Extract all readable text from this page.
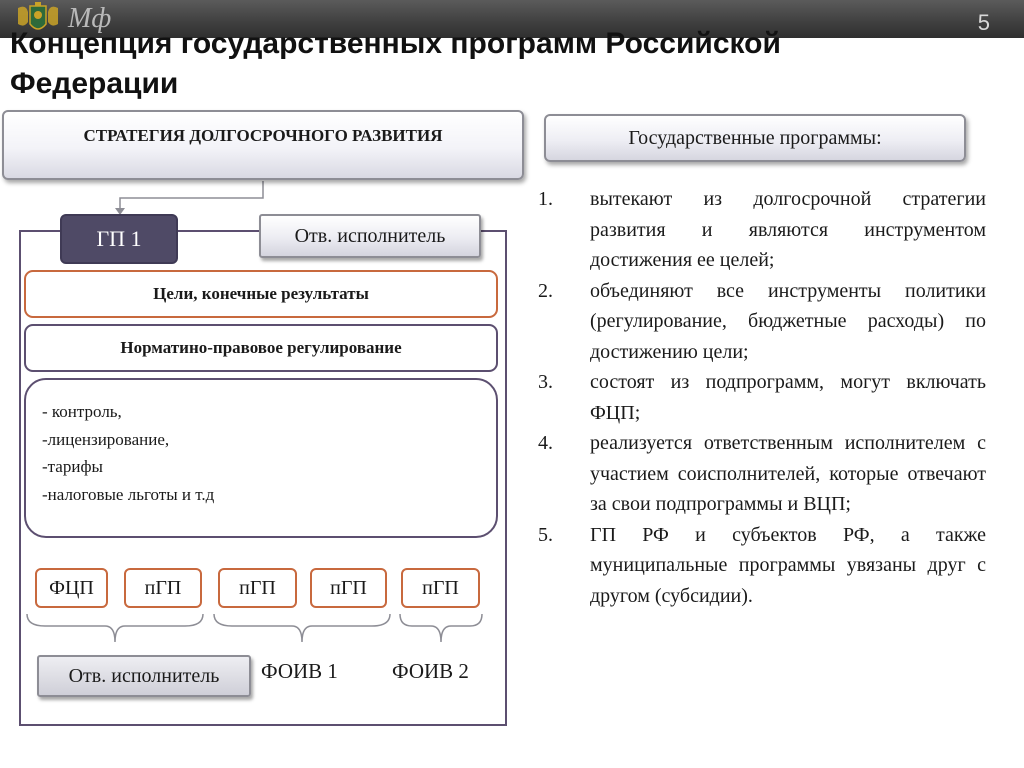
Мф	5
Концепция государственных программ Российской Федерации
СТРАТЕГИЯ ДОЛГОСРОЧНОГО РАЗВИТИЯ	Государственные программы:
ГП 1	Отв. исполнитель
Цели, конечные результаты
Норматино-правовое регулирование
- контроль,
-лицензирование,
-тарифы
-налоговые льготы и т.д
ФЦП	пГП	пГП	пГП	пГП
Отв. исполнитель	ФОИВ 1	ФОИВ 2
1.	вытекают из долгосрочной стратегии развития и являются инструментом достижения ее целей;
2.	объединяют все инструменты политики (регулирование, бюджетные расходы) по достижению цели;
3.	состоят из подпрограмм, могут включать ФЦП;
4.	реализуется ответственным исполнителем с участием соисполнителей, которые отвечают за свои подпрограммы и ВЦП;
5.	ГП РФ и субъектов РФ, а также муниципальные программы увязаны друг с другом (субсидии).
